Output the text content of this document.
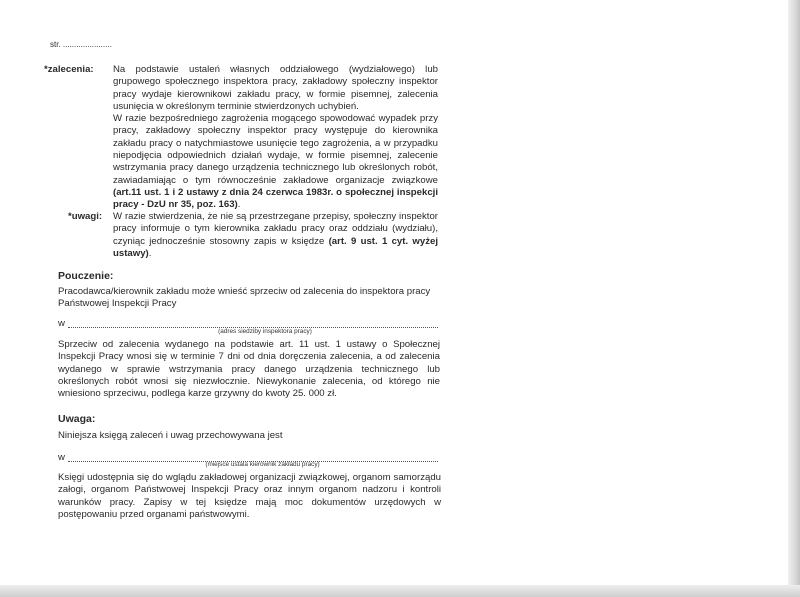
str. ......................
*zalecenia: Na podstawie ustaleń własnych oddziałowego (wydziałowego) lub grupowego społecznego inspektora pracy, zakładowy społeczny inspektor pracy wydaje kierownikowi zakładu pracy, w formie pisemnej, zalecenia usunięcia w określonym terminie stwierdzonych uchybień.
W razie bezpośredniego zagrożenia mogącego spowodować wypadek przy pracy, zakładowy społeczny inspektor pracy występuje do kierownika zakładu pracy o natychmiastowe usunięcie tego zagrożenia, a w przypadku niepodjęcia odpowiednich działań wydaje, w formie pisemnej, zalecenie wstrzymania pracy danego urządzenia technicznego lub określonych robót, zawiadamiając o tym równocześnie zakładowe organizacje związkowe (art.11 ust. 1 i 2 ustawy z dnia 24 czerwca 1983r. o społecznej inspekcji pracy - DzU nr 35, poz. 163).
*uwagi: W razie stwierdzenia, że nie są przestrzegane przepisy, społeczny inspektor pracy informuje o tym kierownika zakładu pracy oraz oddziału (wydziału), czyniąc jednocześnie stosowny zapis w księdze (art. 9 ust. 1 cyt. wyżej ustawy).
Pouczenie:
Pracodawca/kierownik zakładu może wnieść sprzeciw od zalecenia do inspektora pracy Państwowej Inspekcji Pracy
w
(adres siedziby inspektora pracy)
Sprzeciw od zalecenia wydanego na podstawie art. 11 ust. 1 ustawy o Społecznej Inspekcji Pracy wnosi się w terminie 7 dni od dnia doręczenia zalecenia, a od zalecenia wydanego w sprawie wstrzymania pracy danego urządzenia technicznego lub określonych robót wnosi się niezwłocznie. Niewykonanie zalecenia, od którego nie wniesiono sprzeciwu, podlega karze grzywny do kwoty 25. 000 zł.
Uwaga:
Niniejsza księgą zaleceń i uwag przechowywana jest
w
(miejsce ustala kierownik zakładu pracy)
Księgi udostępnia się do wglądu zakładowej organizacji związkowej, organom samorządu załogi, organom Państwowej Inspekcji Pracy oraz innym organom nadzoru i kontroli warunków pracy. Zapisy w tej księdze mają moc dokumentów urzędowych w postępowaniu przed organami państwowymi.
